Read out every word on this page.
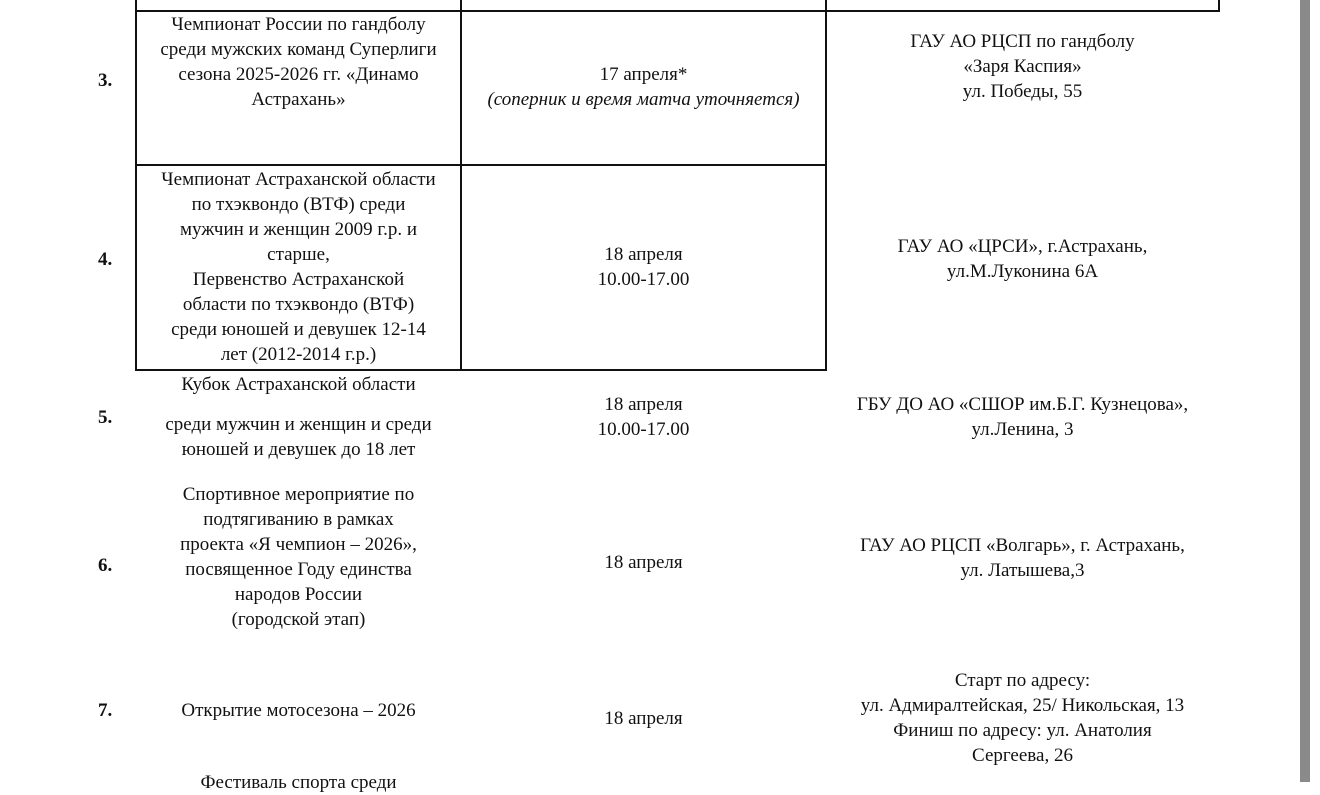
3.
Чемпионат России по гандболу
среди мужских команд Суперлиги
сезона 2025-2026 гг. «Динамо
Астрахань»
17 апреля*
(соперник и время матча уточняется)
ГАУ АО РЦСП по гандболу
«Заря Каспия»
ул. Победы, 55
4.
Чемпионат Астраханской области
по тхэквондо (ВТФ) среди
мужчин и женщин 2009 г.р. и
старше,
Первенство Астраханской
области по тхэквондо (ВТФ)
среди юношей и девушек 12-14
лет (2012-2014 г.р.)
18 апреля
10.00-17.00
ГАУ АО «ЦРСИ», г.Астрахань,
ул.М.Луконина 6А
5.
Кубок Астраханской области
среди мужчин и женщин и среди
юношей и девушек до 18 лет
18 апреля
10.00-17.00
ГБУ ДО АО «СШОР им.Б.Г. Кузнецова»,
ул.Ленина, 3
6.
Спортивное мероприятие по
подтягиванию в рамках
проекта «Я чемпион – 2026»,
посвященное Году единства
народов России
(городской этап)
18 апреля
ГАУ АО РЦСП «Волгарь», г. Астрахань,
ул. Латышева,3
7.	Открытие мотосезона – 2026	18 апреля
Старт по адресу:
ул. Адмиралтейская, 25/ Никольская, 13
Финиш по адресу: ул. Анатолия
Сергеева, 26
Фестиваль спорта среди
